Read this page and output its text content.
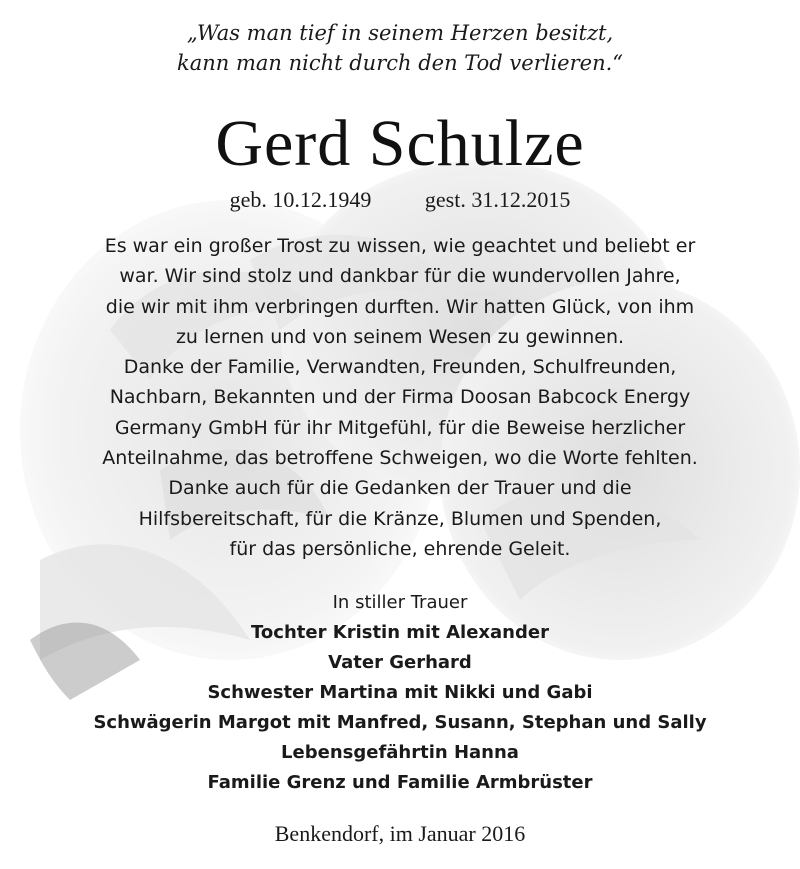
„Was man tief in seinem Herzen besitzt,
kann man nicht durch den Tod verlieren.“
Gerd Schulze
geb. 10.12.1949 gest. 31.12.2015
Es war ein großer Trost zu wissen, wie geachtet und beliebt er
war. Wir sind stolz und dankbar für die wundervollen Jahre,
die wir mit ihm verbringen durften. Wir hatten Glück, von ihm
zu lernen und von seinem Wesen zu gewinnen.
Danke der Familie, Verwandten, Freunden, Schulfreunden,
Nachbarn, Bekannten und der Firma Doosan Babcock Energy
Germany GmbH für ihr Mitgefühl, für die Beweise herzlicher
Anteilnahme, das betroffene Schweigen, wo die Worte fehlten.
Danke auch für die Gedanken der Trauer und die
Hilfsbereitschaft, für die Kränze, Blumen und Spenden,
für das persönliche, ehrende Geleit.
In stiller Trauer
Tochter Kristin mit Alexander
Vater Gerhard
Schwester Martina mit Nikki und Gabi
Schwägerin Margot mit Manfred, Susann, Stephan und Sally
Lebensgefährtin Hanna
Familie Grenz und Familie Armbrüster
Benkendorf, im Januar 2016
